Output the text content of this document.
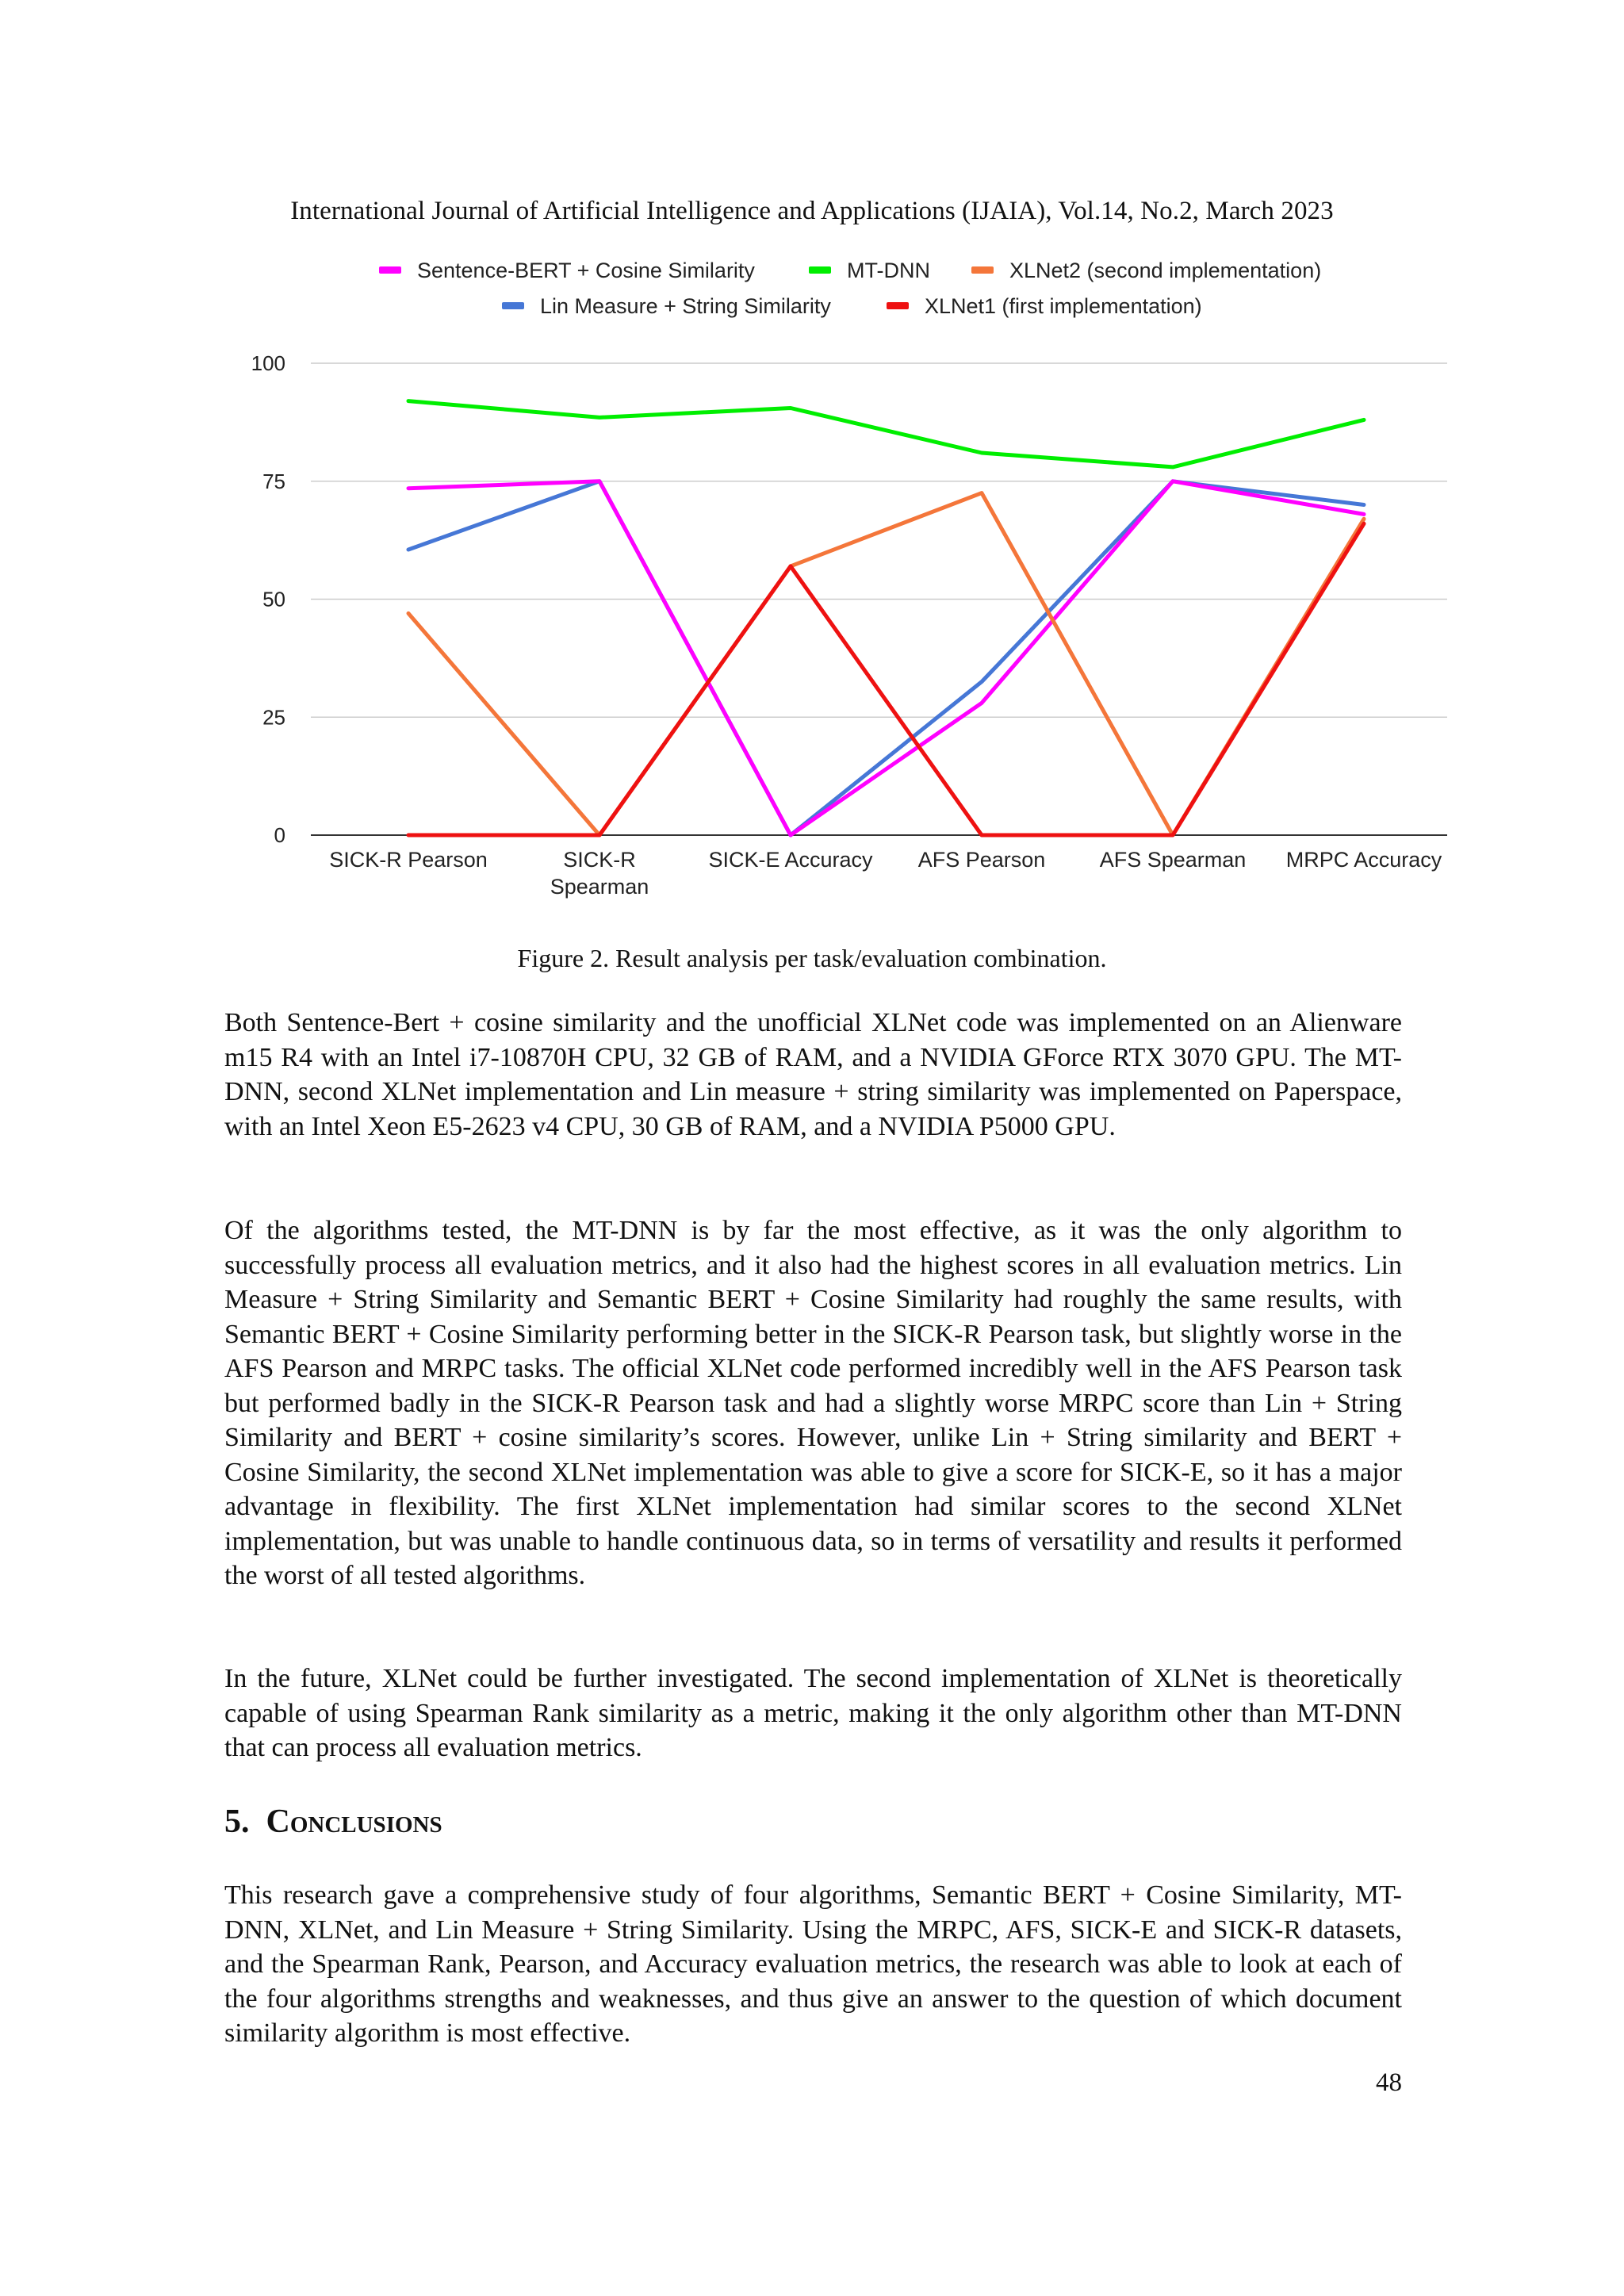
International Journal of Artificial Intelligence and Applications (IJAIA), Vol.14, No.2, March 2023
Sentence-BERT + Cosine Similarity	MT-DNN	XLNet2 (second implementation)
Lin Measure + String Similarity	XLNet1 (first implementation)
0
25
50
75
100
SICK-R Pearson	SICK-R Spearman
SICK-E Accuracy AFS Pearson	AFS Spearman MRPC Accuracy
Figure 2. Result analysis per task/evaluation combination.

Both Sentence-Bert + cosine similarity and the unofficial XLNet code was implemented on an Alienware m15 R4 with an Intel i7-10870H CPU, 32 GB of RAM, and a NVIDIA GForce RTX 3070 GPU. The MT-DNN, second XLNet implementation and Lin measure + string similarity was implemented on Paperspace, with an Intel Xeon E5-2623 v4 CPU, 30 GB of RAM, and a NVIDIA P5000 GPU.

Of the algorithms tested, the MT-DNN is by far the most effective, as it was the only algorithm to successfully process all evaluation metrics, and it also had the highest scores in all evaluation metrics. Lin Measure + String Similarity and Semantic BERT + Cosine Similarity had roughly the same results, with Semantic BERT + Cosine Similarity performing better in the SICK-R Pearson task, but slightly worse in the AFS Pearson and MRPC tasks. The official XLNet code performed incredibly well in the AFS Pearson task but performed badly in the SICK-R Pearson task and had a slightly worse MRPC score than Lin + String Similarity and BERT + cosine similarity’s scores. However, unlike Lin + String similarity and BERT + Cosine Similarity, the second XLNet implementation was able to give a score for SICK-E, so it has a major advantage in flexibility. The first XLNet implementation had similar scores to the second XLNet implementation, but was unable to handle continuous data, so in terms of versatility and results it performed the worst of all tested algorithms.

In the future, XLNet could be further investigated. The second implementation of XLNet is theoretically capable of using Spearman Rank similarity as a metric, making it the only algorithm other than MT-DNN that can process all evaluation metrics.

5. Conclusions

This research gave a comprehensive study of four algorithms, Semantic BERT + Cosine Similarity, MT-DNN, XLNet, and Lin Measure + String Similarity. Using the MRPC, AFS, SICK-E and SICK-R datasets, and the Spearman Rank, Pearson, and Accuracy evaluation metrics, the research was able to look at each of the four algorithms strengths and weaknesses, and thus give an answer to the question of which document similarity algorithm is most effective.

48
